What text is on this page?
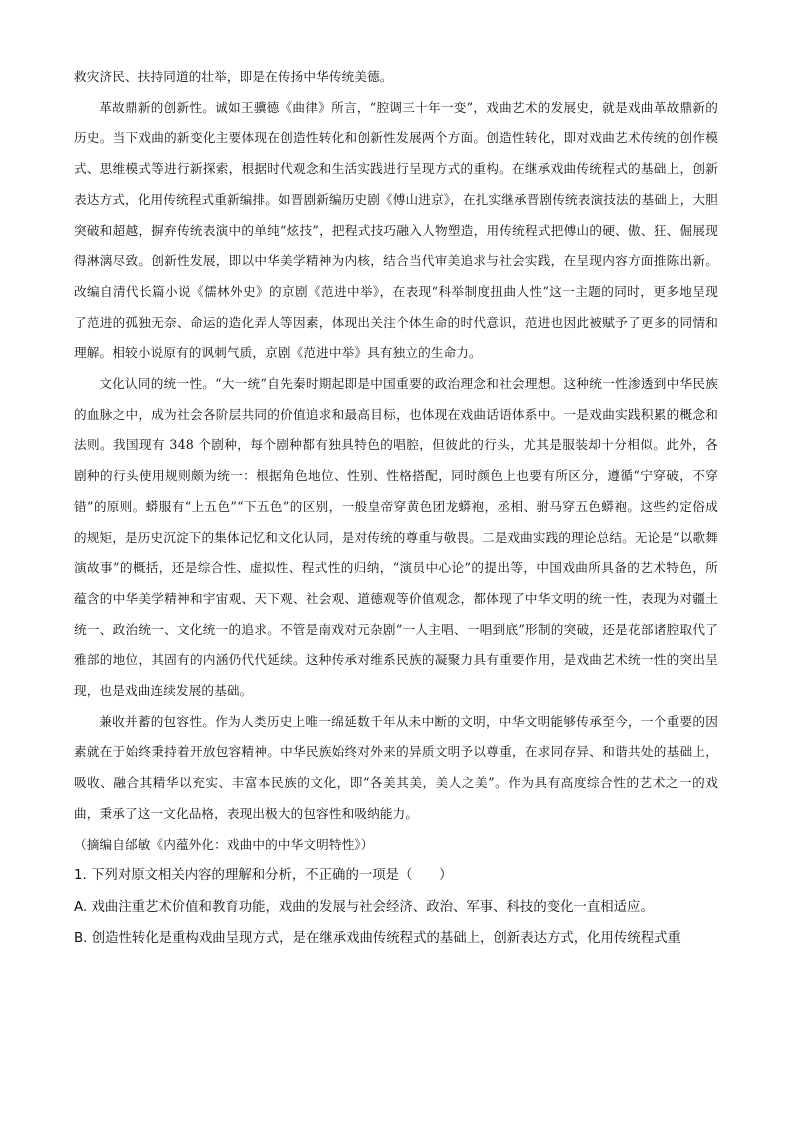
救灾济民、扶持同道的壮举，即是在传扬中华传统美德。

革故鼎新的创新性。诚如王骥德《曲律》所言，“腔调三十年一变”，戏曲艺术的发展史，就是戏曲革故鼎新的历史。当下戏曲的新变化主要体现在创造性转化和创新性发展两个方面。创造性转化，即对戏曲艺术传统的创作模式、思维模式等进行新探索，根据时代观念和生活实践进行呈现方式的重构。在继承戏曲传统程式的基础上，创新表达方式，化用传统程式重新编排。如晋剧新编历史剧《傅山进京》，在扎实继承晋剧传统表演技法的基础上，大胆突破和超越，摒弃传统表演中的单纯“炫技”，把程式技巧融入人物塑造，用传统程式把傅山的硬、傲、狂、倔展现得淋漓尽致。创新性发展，即以中华美学精神为内核，结合当代审美追求与社会实践，在呈现内容方面推陈出新。改编自清代长篇小说《儒林外史》的京剧《范进中举》，在表现“科举制度扭曲人性”这一主题的同时，更多地呈现了范进的孤独无奈、命运的造化弄人等因素，体现出关注个体生命的时代意识，范进也因此被赋予了更多的同情和理解。相较小说原有的讽刺气质，京剧《范进中举》具有独立的生命力。

文化认同的统一性。“大一统”自先秦时期起即是中国重要的政治理念和社会理想。这种统一性渗透到中华民族的血脉之中，成为社会各阶层共同的价值追求和最高目标，也体现在戏曲话语体系中。一是戏曲实践积累的概念和法则。我国现有 348 个剧种，每个剧种都有独具特色的唱腔，但彼此的行头，尤其是服装却十分相似。此外，各剧种的行头使用规则颇为统一：根据角色地位、性别、性格搭配，同时颜色上也要有所区分，遵循“宁穿破，不穿错”的原则。蟒服有“上五色”“下五色”的区别，一般皇帝穿黄色团龙蟒袍，丞相、驸马穿五色蟒袍。这些约定俗成的规矩，是历史沉淀下的集体记忆和文化认同，是对传统的尊重与敬畏。二是戏曲实践的理论总结。无论是“以歌舞演故事”的概括，还是综合性、虚拟性、程式性的归纳，“演员中心论”的提出等，中国戏曲所具备的艺术特色，所蕴含的中华美学精神和宇宙观、天下观、社会观、道德观等价值观念，都体现了中华文明的统一性，表现为对疆土统一、政治统一、文化统一的追求。不管是南戏对元杂剧“一人主唱、一唱到底”形制的突破，还是花部诸腔取代了雅部的地位，其固有的内涵仍代代延续。这种传承对维系民族的凝聚力具有重要作用，是戏曲艺术统一性的突出呈现，也是戏曲连续发展的基础。

兼收并蓄的包容性。作为人类历史上唯一绵延数千年从未中断的文明，中华文明能够传承至今，一个重要的因素就在于始终秉持着开放包容精神。中华民族始终对外来的异质文明予以尊重，在求同存异、和谐共处的基础上，吸收、融合其精华以充实、丰富本民族的文化，即“各美其美，美人之美”。作为具有高度综合性的艺术之一的戏曲，秉承了这一文化品格，表现出极大的包容性和吸纳能力。

（摘编自邰敏《内蕴外化：戏曲中的中华文明特性》）

1. 下列对原文相关内容的理解和分析，不正确的一项是（　　）
A. 戏曲注重艺术价值和教育功能，戏曲的发展与社会经济、政治、军事、科技的变化一直相适应。
B. 创造性转化是重构戏曲呈现方式，是在继承戏曲传统程式的基础上，创新表达方式，化用传统程式重
